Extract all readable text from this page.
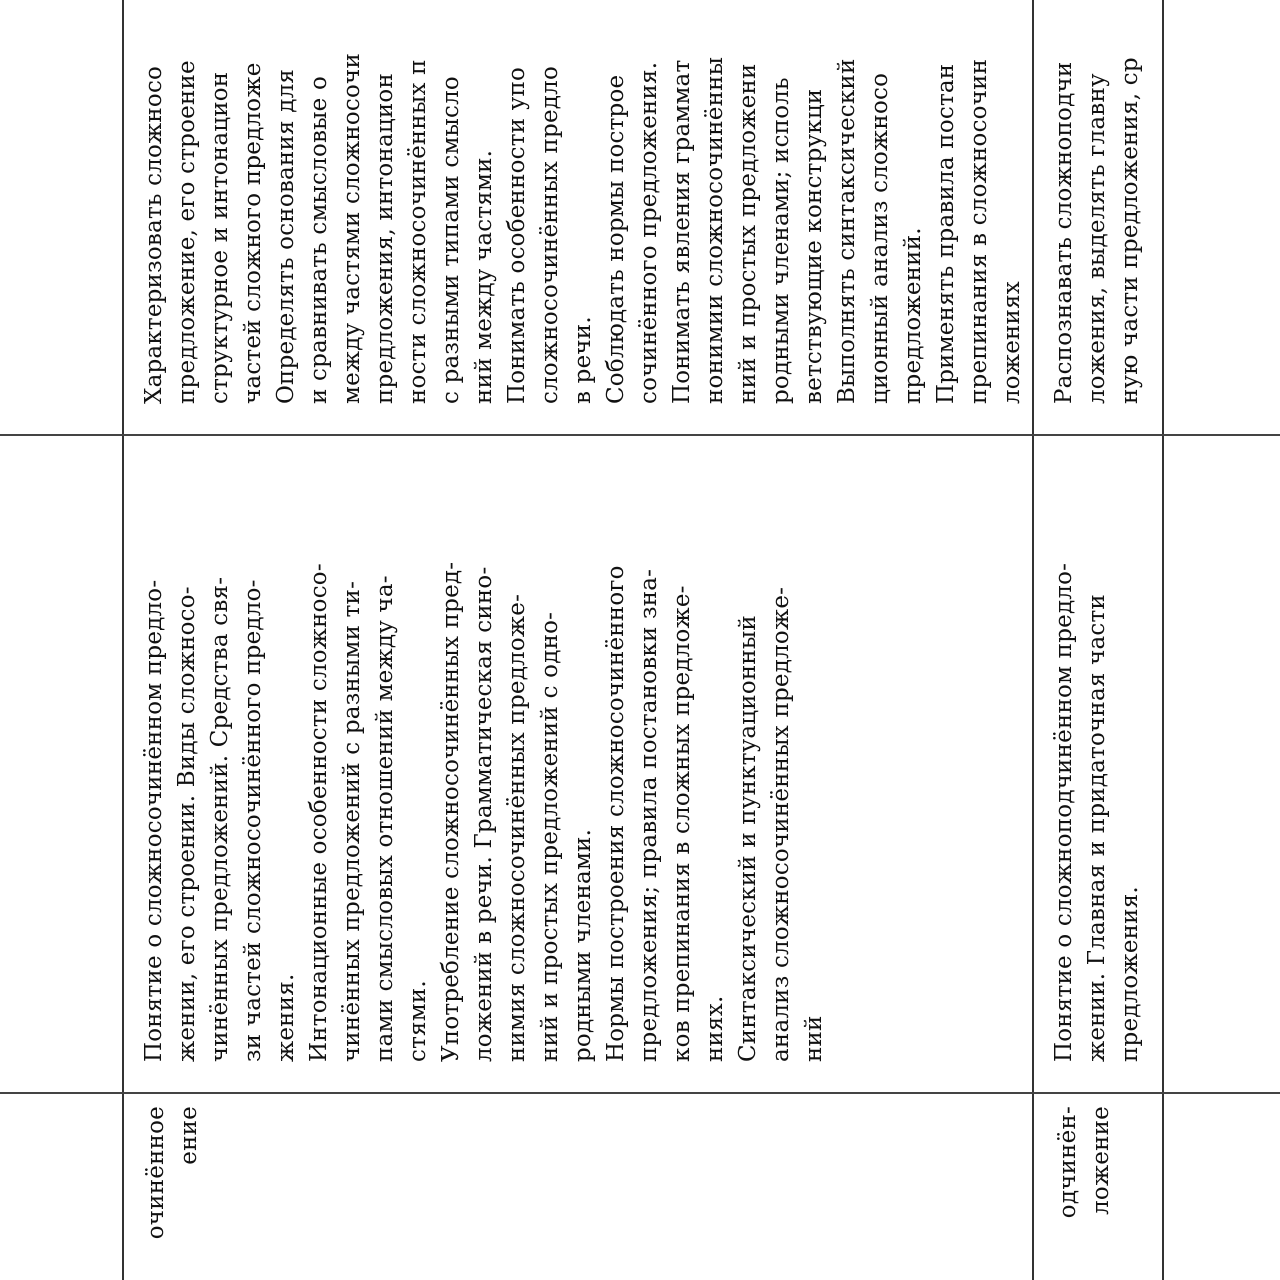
очинённое ение
Понятие о сложносочинённом предло- жении, его строении. Виды сложносо- чинённых предложений. Средства свя- зи частей сложносочинённого предло- жения. Интонационные особенности сложносо- чинённых предложений с разными ти- пами смысловых отношений между ча- стями. Употребление сложносочинённых пред- ложений в речи. Грамматическая сино- нимия сложносочинённых предложе- ний и простых предложений с одно- родными членами. Нормы построения сложносочинённого предложения; правила постановки зна- ков препинания в сложных предложе- ниях. Синтаксический и пунктуационный анализ сложносочинённых предложе- ний
Характеризовать сложносо предложение, его строение структурное и интонацион частей сложного предложе Определять основания для и сравнивать смысловые о между частями сложносочи предложения, интонацион ности сложносочинённых п с разными типами смысло ний между частями. Понимать особенности упо сложносочинённых предло в речи. Соблюдать нормы построе сочинённого предложения. Понимать явления граммат нонимии сложносочинённы ний и простых предложени родными членами; исполь ветствующие конструкци Выполнять синтаксический ционный анализ сложносо предложений. Применять правила постан препинания в сложносочин ложениях
одчинён- ложение
Понятие о сложноподчинённом предло- жении. Главная и придаточная части предложения.
Распознавать сложноподчи ложения, выделять главну ную части предложения, ср
